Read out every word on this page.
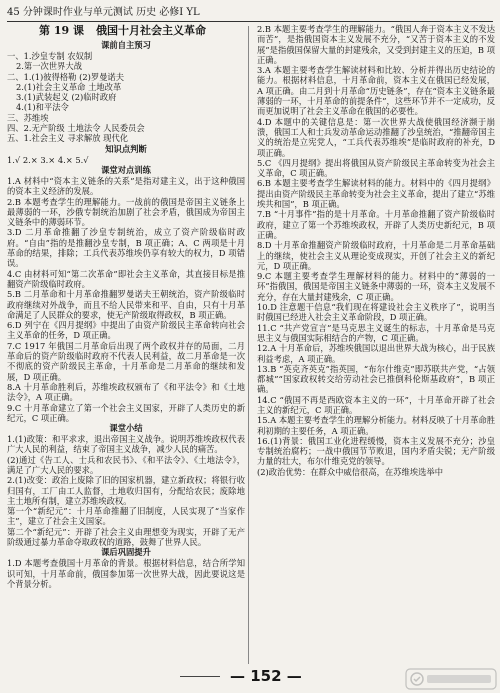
45 分钟课时作业与单元测试 历史 必修Ⅰ YL
第 19 课 俄国十月社会主义革命
课前自主预习

一、1.沙皇专制 农奴制

2.第一次世界大战

二、1.(1)彼得格勒 (2)罗曼诺夫

2.(1)社会主义革命 土地改革

3.(1)武装起义 (2)临时政府

4.(1)和平法令

三、苏维埃

四、2.无产阶级 土地法令 人民委员会

五、1.社会主义 寻求解放 现代化

知识点判断

1.√ 2.× 3.× 4.× 5.√

课堂对点训练

1.A 材料中“资本主义链条的关系”是指对建主义，出于这种俄国的资本主义经济的发展。

2.B 本题考查学生的理解能力。一战前的俄国是帝国主义链条上最薄弱的一环，沙俄专制统治加剧了社会矛盾，俄国成为帝国主义链条中的薄弱环节。

3.D 二月革命推翻了沙皇专制统治，成立了资产阶级临时政府。“自由”指的是推翻沙皇专制，B 项正确；A、C 两项是十月革命的结果，排除；工兵代表苏维埃仍享有较大的权力，D 项错误。

4.C 由材料可知“第二次革命”即社会主义革命，其直接目标是推翻资产阶级临时政府。

5.B 二月革命和十月革命推翻罗曼诺夫王朝统治，资产阶级临时政府继续对外战争，而且不给人民带来和平、自由，只有十月革命满足了人民群众的要求，使无产阶级取得政权，B 项正确。

6.D 列宁在《四月提纲》中提出了由资产阶级民主革命转向社会主义革命的任务，D 项正确。

7.C 1917 年俄国二月革命后出现了两个政权并存的局面，二月革命后的资产阶级临时政府不代表人民利益，故二月革命是一次不彻底的资产阶级民主革命，十月革命是二月革命的继续和发展，D 项正确。

8.A 十月革命胜利后，苏维埃政权颁布了《和平法令》和《土地法令》，A 项正确。

9.C 十月革命建立了第一个社会主义国家，开辟了人类历史的新纪元，C 项正确。

课堂小结

1.(1)政策：和平求求，退出帝国主义战争。说明苏维埃政权代表广大人民的利益，结束了帝国主义战争，减少人民的痛苦。

(2)通过《告工人、士兵和农民书》、《和平法令》、《土地法令》，满足了广大人民的要求。

2.(1)改变：政治上废除了旧的国家机器，建立新政权；将银行收归国有，工厂由工人监督，土地收归国有，分配给农民；废除地主土地所有制，建立苏维埃政权。

第一个“新纪元”：十月革命推翻了旧制度，人民实现了“当家作主”，建立了社会主义国家。

第二个“新纪元”：开辟了社会主义由理想变为现实，开辟了无产阶级通过暴力革命夺取政权的道路，鼓舞了世界人民。

课后巩固提升

1.D 本题考查俄国十月革命的背景。根据材料信息，结合所学知识可知，十月革命前，俄国参加第一次世界大战，因此要说这是个背景分析。

2.B 本题主要考查学生的理解能力。“俄国人奔于资本主义不发达而苦”，是指俄国资本主义发展不充分，“又苦于资本主义的不发展”是指俄国保留大量的封建残余，又受到封建主义的压迫，B 项正确。

3.A 本题主要考查学生解读材料和比较、分析并得出历史结论的能力。根据材料信息，十月革命前，资本主义在俄国已经发展，A 项正确。由二月到十月革命“历史链条”，存在“资本主义链条最薄弱的一环，十月革命的前提条件”，这些环节并不一定成功，反而更加说明了社会主义革命在俄国的必要性。

4.D 本题中的关键信息是：第一次世界大战使俄国经济濒于崩溃，俄国工人和士兵发动革命运动推翻了沙皇统治，“推翻帝国主义的统治是立宪党人，“工兵代表苏维埃”是临时政府的补充，D 项正确。

5.C 《四月提纲》提出将俄国从资产阶级民主革命转变为社会主义革命，C 项正确。

6.B 本题主要考查学生解读材料的能力。材料中的《四月提纲》提出由资产阶级民主革命转变为社会主义革命，提出了建立“苏维埃共和国”，B 项正确。

7.B “十月事件”指的是十月革命。十月革命推翻了资产阶级临时政府，建立了第一个苏维埃政权，开辟了人类历史新纪元，B 项正确。

8.D 十月革命推翻资产阶级临时政府，十月革命是二月革命基础上的继续，使社会主义从理论变成现实，开创了社会主义的新纪元，D 项正确。

9.C 本题主要考查学生理解材料的能力。材料中的“薄弱的一环”指俄国，俄国是帝国主义链条中薄弱的一环，资本主义发展不充分，存在大量封建残余，C 项正确。

10.D 注意题干信息“我们现在将建设社会主义秩序了”，说明当时俄国已经进入社会主义革命阶段，D 项正确。

11.C “共产党宣言”是马克思主义诞生的标志，十月革命是马克思主义与俄国实际相结合的产物，C 项正确。

12.A 十月革命后，苏维埃俄国以退出世界大战为核心，出于民族利益考虑，A 项正确。

13.B “英克齐英克”指英国，“布尔什维克”即苏联共产党，“占领都城”“国家政权转交给劳动社会已推倒科伦斯基政府”，B 项正确。

14.C “俄国不再是西欧资本主义的一环”，十月革命开辟了社会主义的新纪元，C 项正确。

15.A 本题主要考查学生的理解分析能力。材料反映了十月革命胜利初期的主要任务，A 项正确。

16.(1)背景：俄国工业化进程缓慢，资本主义发展不充分；沙皇专制统治腐朽；一战中俄国节节败退，国内矛盾尖锐；无产阶级力量的壮大，布尔什维克党的领导。

(2)政治优势：在群众中威信很高，在苏维埃选举中

— 152 —
